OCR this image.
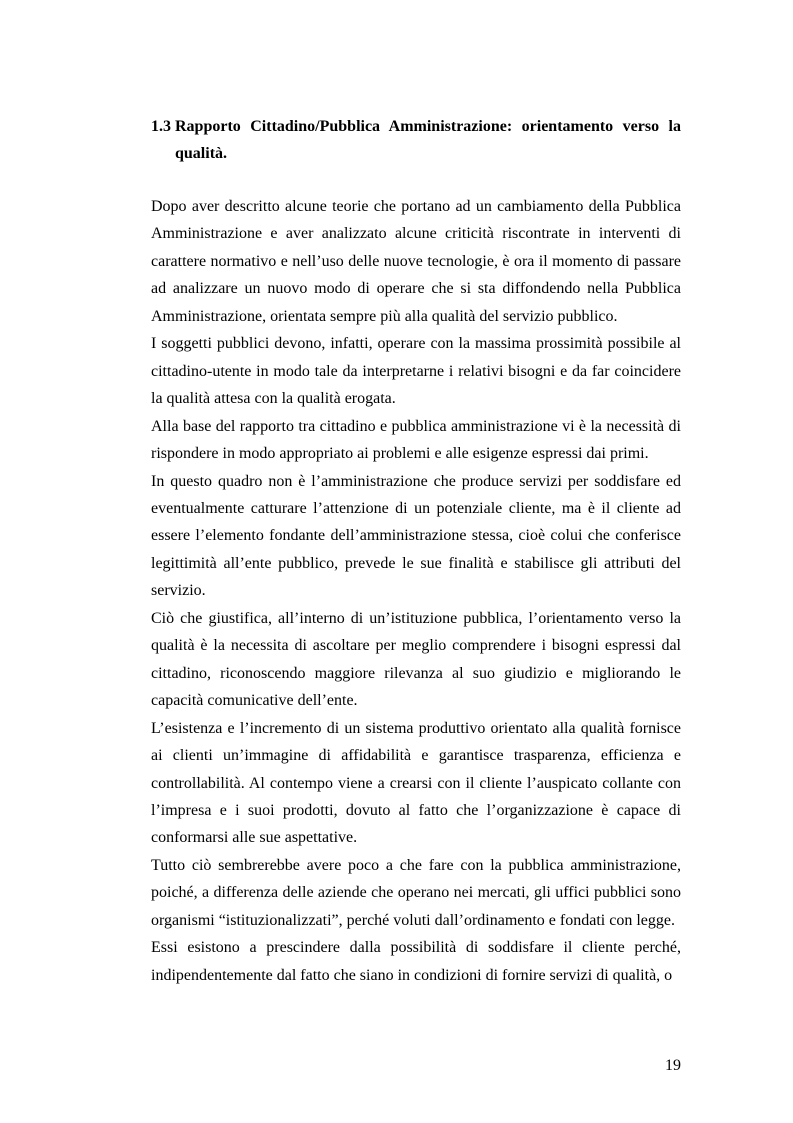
1.3 Rapporto Cittadino/Pubblica Amministrazione: orientamento verso la qualità.

Dopo aver descritto alcune teorie che portano ad un cambiamento della Pubblica Amministrazione e aver analizzato alcune criticità riscontrate in interventi di carattere normativo e nell’uso delle nuove tecnologie, è ora il momento di passare ad analizzare un nuovo modo di operare che si sta diffondendo nella Pubblica Amministrazione, orientata sempre più alla qualità del servizio pubblico.

I soggetti pubblici devono, infatti, operare con la massima prossimità possibile al cittadino-utente in modo tale da interpretarne i relativi bisogni e da far coincidere la qualità attesa con la qualità erogata.

Alla base del rapporto tra cittadino e pubblica amministrazione vi è la necessità di rispondere in modo appropriato ai problemi e alle esigenze espressi dai primi.

In questo quadro non è l’amministrazione che produce servizi per soddisfare ed eventualmente catturare l’attenzione di un potenziale cliente, ma è il cliente ad essere l’elemento fondante dell’amministrazione stessa, cioè colui che conferisce legittimità all’ente pubblico, prevede le sue finalità e stabilisce gli attributi del servizio.

Ciò che giustifica, all’interno di un’istituzione pubblica, l’orientamento verso la qualità è la necessita di ascoltare per meglio comprendere i bisogni espressi dal cittadino, riconoscendo maggiore rilevanza al suo giudizio e migliorando le capacità comunicative dell’ente.

L’esistenza e l’incremento di un sistema produttivo orientato alla qualità fornisce ai clienti un’immagine di affidabilità e garantisce trasparenza, efficienza e controllabilità. Al contempo viene a crearsi con il cliente l’auspicato collante con l’impresa e i suoi prodotti, dovuto al fatto che l’organizzazione è capace di conformarsi alle sue aspettative.

Tutto ciò sembrerebbe avere poco a che fare con la pubblica amministrazione, poiché, a differenza delle aziende che operano nei mercati, gli uffici pubblici sono organismi “istituzionalizzati”, perché voluti dall’ordinamento e fondati con legge.

Essi esistono a prescindere dalla possibilità di soddisfare il cliente perché, indipendentemente dal fatto che siano in condizioni di fornire servizi di qualità, o

19
